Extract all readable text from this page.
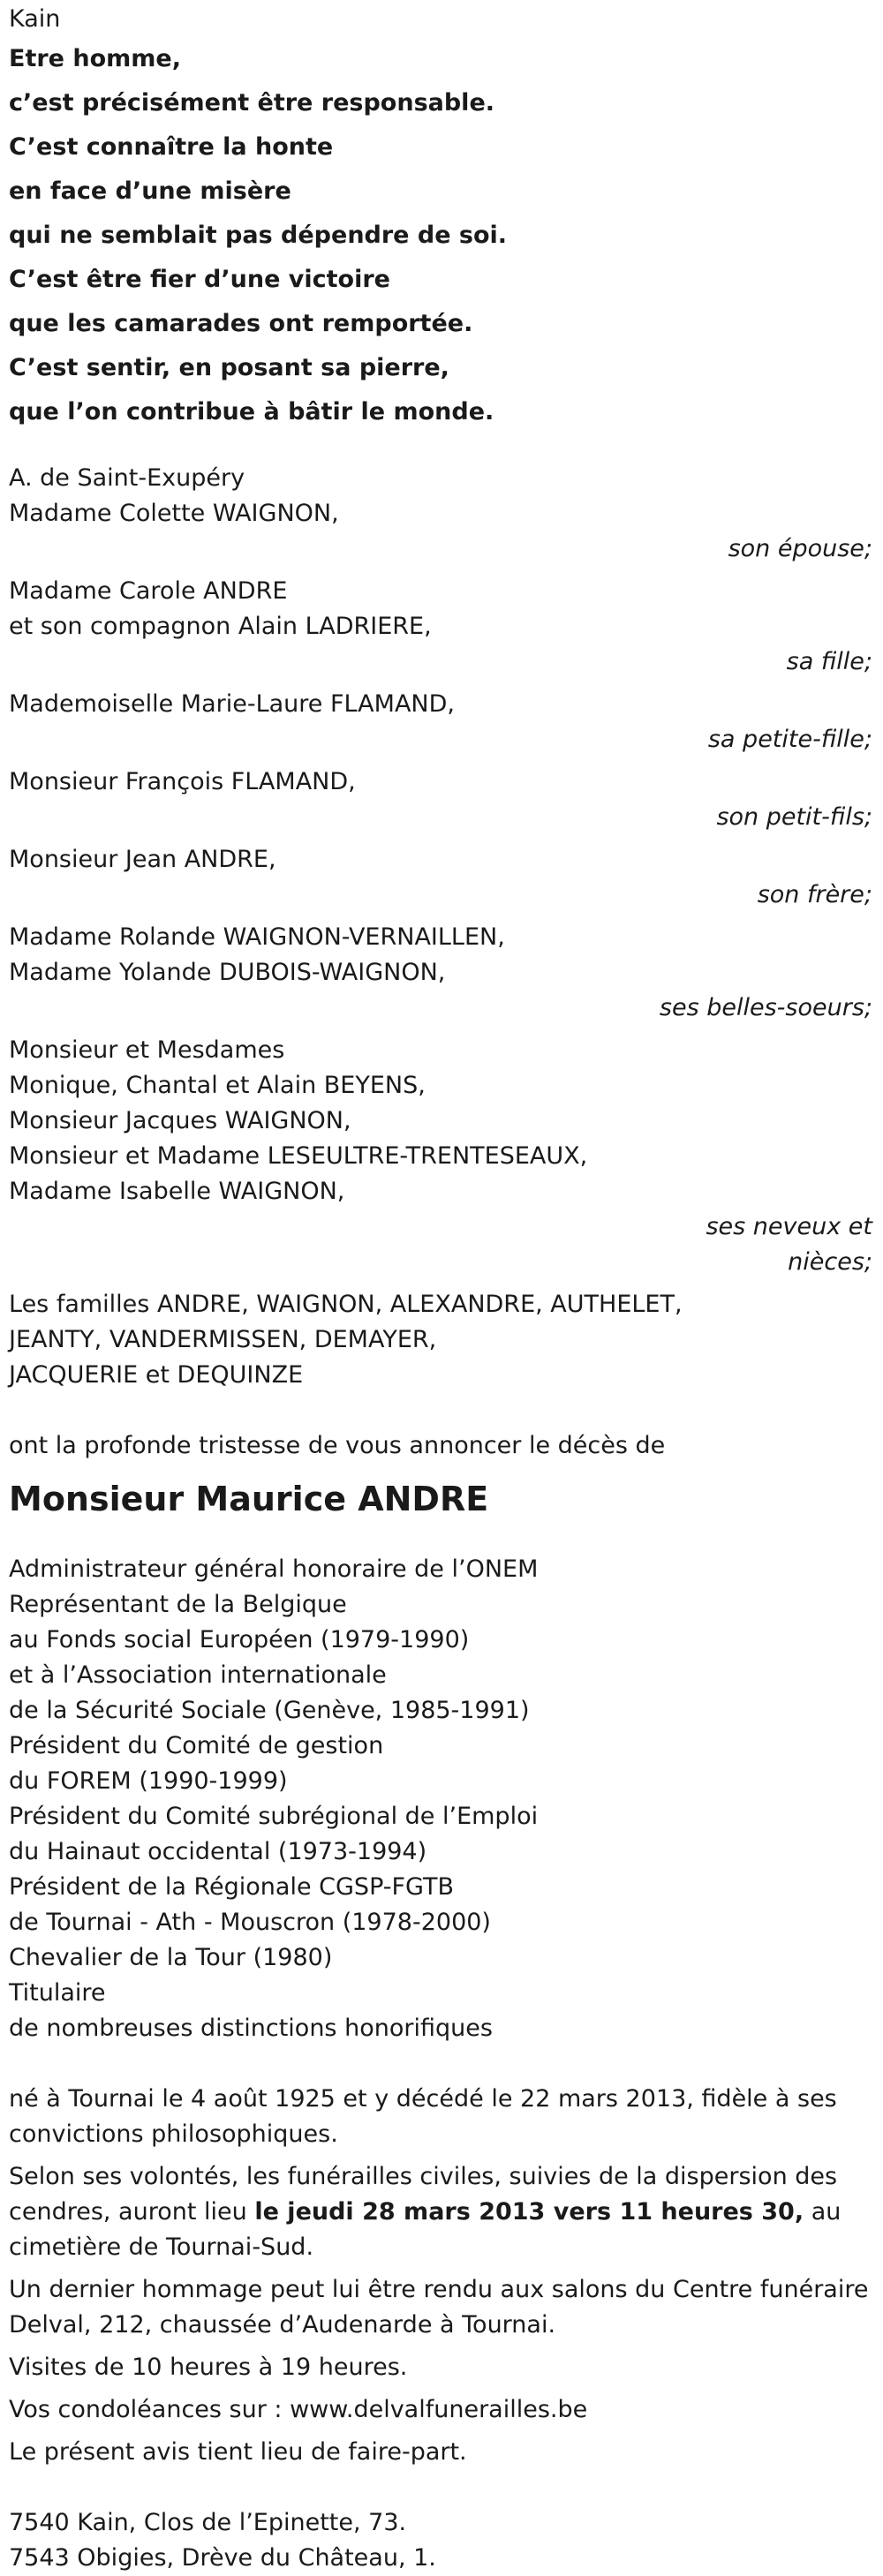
Kain
Etre homme,
c’est précisément être responsable.
C’est connaître la honte
en face d’une misère
qui ne semblait pas dépendre de soi.
C’est être fier d’une victoire
que les camarades ont remportée.
C’est sentir, en posant sa pierre,
que l’on contribue à bâtir le monde.
A. de Saint-Exupéry
Madame Colette WAIGNON,
son épouse;
Madame Carole ANDRE
et son compagnon Alain LADRIERE,
sa fille;
Mademoiselle Marie-Laure FLAMAND,
sa petite-fille;
Monsieur François FLAMAND,
son petit-fils;
Monsieur Jean ANDRE,
son frère;
Madame Rolande WAIGNON-VERNAILLEN,
Madame Yolande DUBOIS-WAIGNON,
ses belles-soeurs;
Monsieur et Mesdames
Monique, Chantal et Alain BEYENS,
Monsieur Jacques WAIGNON,
Monsieur et Madame LESEULTRE-TRENTESEAUX,
Madame Isabelle WAIGNON,
ses neveux et
nièces;
Les familles ANDRE, WAIGNON, ALEXANDRE, AUTHELET,
JEANTY, VANDERMISSEN, DEMAYER,
JACQUERIE et DEQUINZE
ont la profonde tristesse de vous annoncer le décès de
Monsieur Maurice ANDRE
Administrateur général honoraire de l’ONEM
Représentant de la Belgique
au Fonds social Européen (1979-1990)
et à l’Association internationale
de la Sécurité Sociale (Genève, 1985-1991)
Président du Comité de gestion
du FOREM (1990-1999)
Président du Comité subrégional de l’Emploi
du Hainaut occidental (1973-1994)
Président de la Régionale CGSP-FGTB
de Tournai - Ath - Mouscron (1978-2000)
Chevalier de la Tour (1980)
Titulaire
de nombreuses distinctions honorifiques
né à Tournai le 4 août 1925 et y décédé le 22 mars 2013, fidèle à ses convictions philosophiques.
Selon ses volontés, les funérailles civiles, suivies de la dispersion des cendres, auront lieu le jeudi 28 mars 2013 vers 11 heures 30, au cimetière de Tournai-Sud.
Un dernier hommage peut lui être rendu aux salons du Centre funéraire Delval, 212, chaussée d’Audenarde à Tournai.
Visites de 10 heures à 19 heures.
Vos condoléances sur : www.delvalfunerailles.be
Le présent avis tient lieu de faire-part.
7540 Kain, Clos de l’Epinette, 73.
7543 Obigies, Drève du Château, 1.
